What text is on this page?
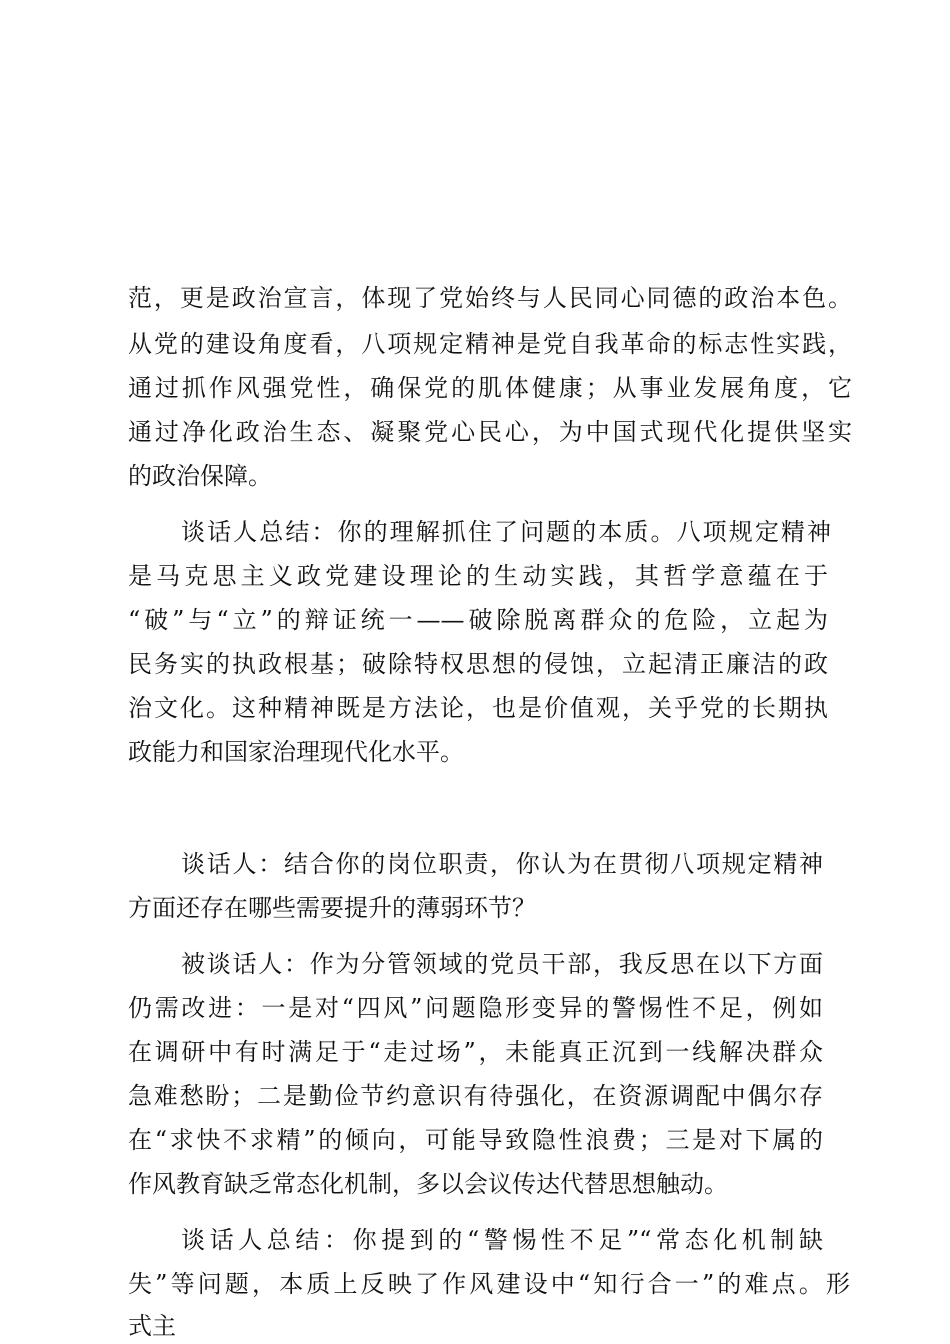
范，更是政治宣言，体现了党始终与人民同心同德的政治本色。
从党的建设角度看，八项规定精神是党自我革命的标志性实践，
通过抓作风强党性，确保党的肌体健康；从事业发展角度，它
通过净化政治生态、凝聚党心民心，为中国式现代化提供坚实
的政治保障。
谈话人总结：你的理解抓住了问题的本质。八项规定精神
是马克思主义政党建设理论的生动实践，其哲学意蕴在于
“破”与“立”的辩证统一——破除脱离群众的危险，立起为
民务实的执政根基；破除特权思想的侵蚀，立起清正廉洁的政
治文化。这种精神既是方法论，也是价值观，关乎党的长期执
政能力和国家治理现代化水平。
谈话人：结合你的岗位职责，你认为在贯彻八项规定精神
方面还存在哪些需要提升的薄弱环节？
被谈话人：作为分管领域的党员干部，我反思在以下方面
仍需改进：一是对“四风”问题隐形变异的警惕性不足，例如
在调研中有时满足于“走过场”，未能真正沉到一线解决群众
急难愁盼；二是勤俭节约意识有待强化，在资源调配中偶尔存
在“求快不求精”的倾向，可能导致隐性浪费；三是对下属的
作风教育缺乏常态化机制，多以会议传达代替思想触动。
谈话人总结：你提到的“警惕性不足”“常态化机制缺
失”等问题，本质上反映了作风建设中“知行合一”的难点。形
式主
